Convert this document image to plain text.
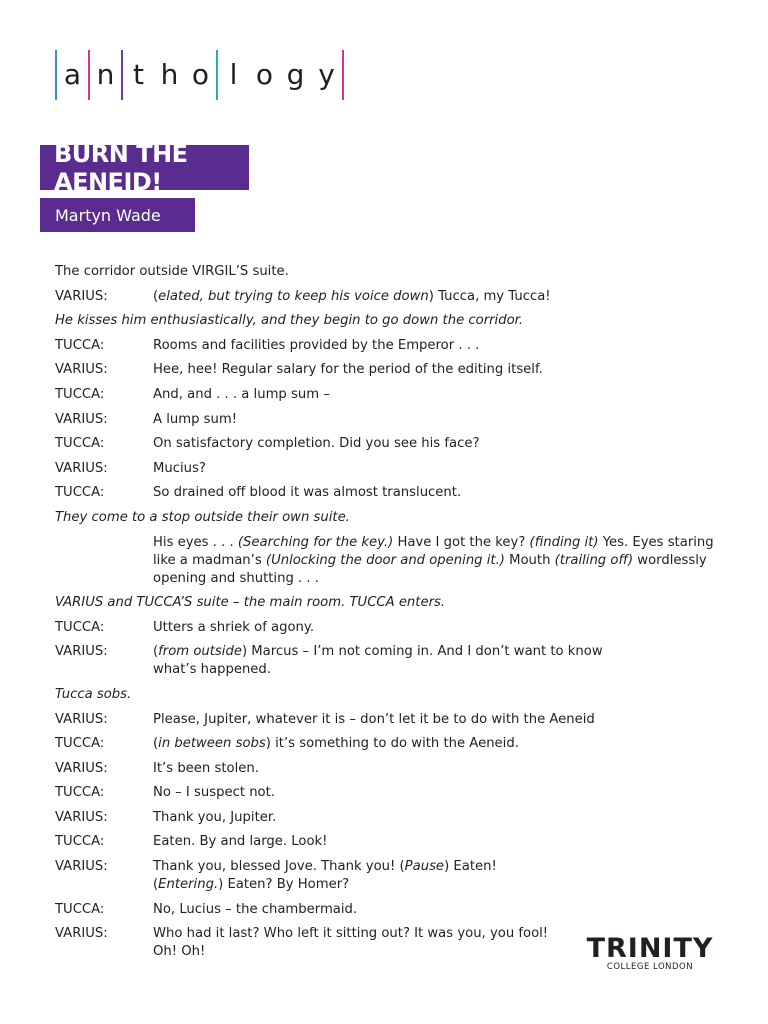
a n t h o l o g y
BURN THE AENEID!
Martyn Wade
The corridor outside VIRGIL’S suite.
VARIUS:	(elated, but trying to keep his voice down) Tucca, my Tucca!
He kisses him enthusiastically, and they begin to go down the corridor.
TUCCA:	Rooms and facilities provided by the Emperor . . .
VARIUS:	Hee, hee! Regular salary for the period of the editing itself.
TUCCA:	And, and . . . a lump sum –
VARIUS:	A lump sum!
TUCCA:	On satisfactory completion. Did you see his face?
VARIUS:	Mucius?
TUCCA:	So drained off blood it was almost translucent.
They come to a stop outside their own suite.
His eyes . . . (Searching for the key.) Have I got the key? (finding it) Yes. Eyes staring like a madman’s (Unlocking the door and opening it.) Mouth (trailing off) wordlessly opening and shutting . . .
VARIUS and TUCCA’S suite – the main room. TUCCA enters.
TUCCA:	Utters a shriek of agony.
VARIUS:	(from outside) Marcus – I’m not coming in. And I don’t want to know
what’s happened.
Tucca sobs.
VARIUS:	Please, Jupiter, whatever it is – don’t let it be to do with the Aeneid
TUCCA:	(in between sobs) it’s something to do with the Aeneid.
VARIUS:	It’s been stolen.
TUCCA:	No – I suspect not.
VARIUS:	Thank you, Jupiter.
TUCCA:	Eaten. By and large. Look!
VARIUS:	Thank you, blessed Jove. Thank you! (Pause) Eaten!
(Entering.) Eaten? By Homer?
TUCCA:	No, Lucius – the chambermaid.
VARIUS:	Who had it last? Who left it sitting out? It was you, you fool!
Oh! Oh!	TRINITY
COLLEGE LONDON
